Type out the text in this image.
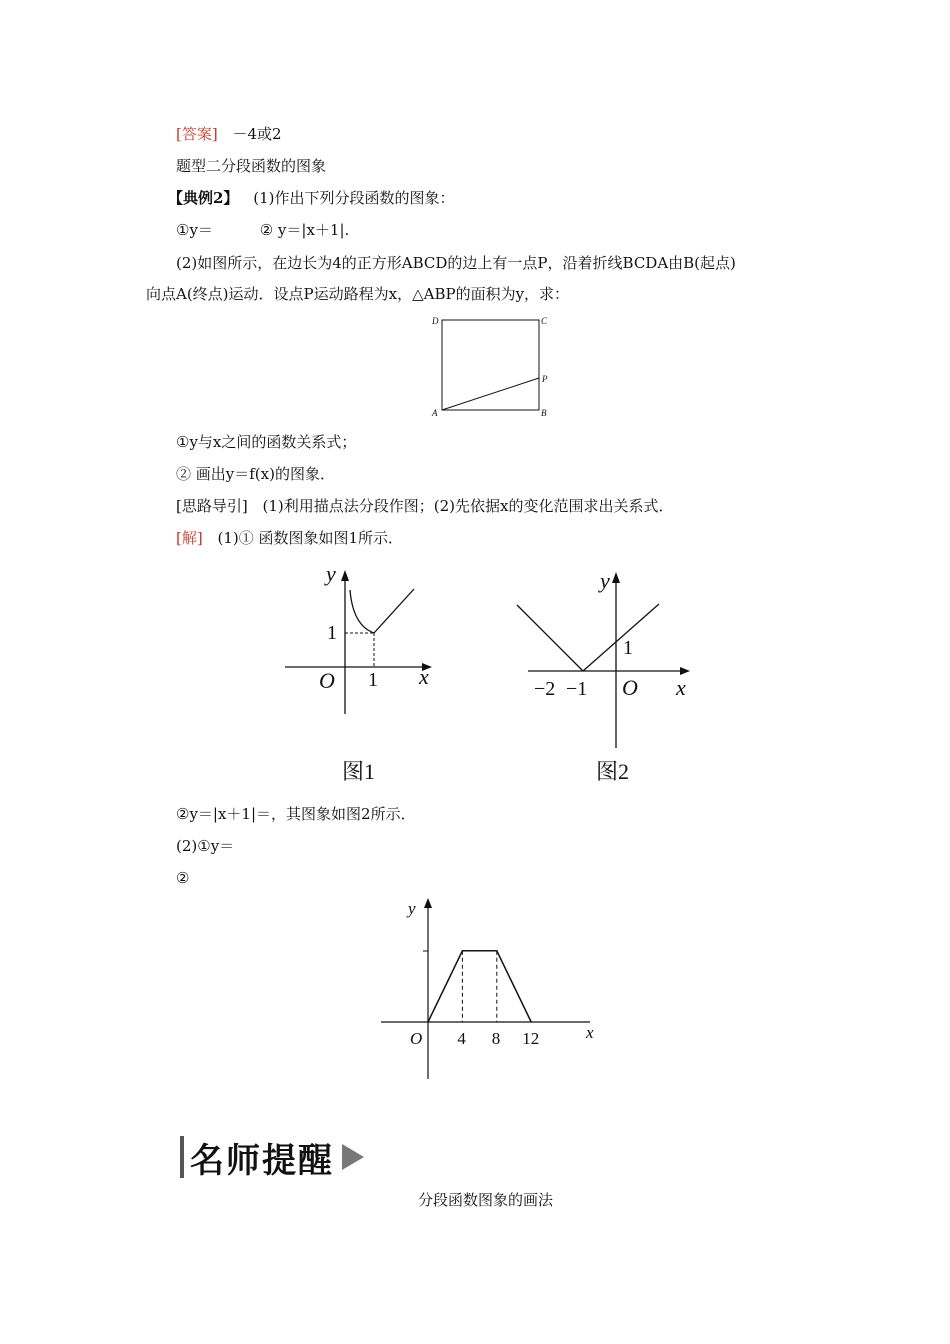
[答案] －4或2
题型二分段函数的图象
【典例2】 (1)作出下列分段函数的图象：
①y＝	② y＝|x＋1|.
(2)如图所示，在边长为4的正方形ABCD的边上有一点P，沿着折线BCDA由B(起点)
向点A(终点)运动．设点P运动路程为x，△ABP的面积为y，求：
D	C
P
A	B
①y与x之间的函数关系式；
② 画出y＝f(x)的图象．
[思路导引] (1)利用描点法分段作图；(2)先依据x的变化范围求出关系式．
[解] (1)① 函数图象如图1所示．
y
x
O 1
1
图1
y
x
O
−2 −1
1
图2
②y＝|x＋1|＝，其图象如图2所示．
(2)①y＝
②
y
x
O 4 8 12
名师提醒
分段函数图象的画法
